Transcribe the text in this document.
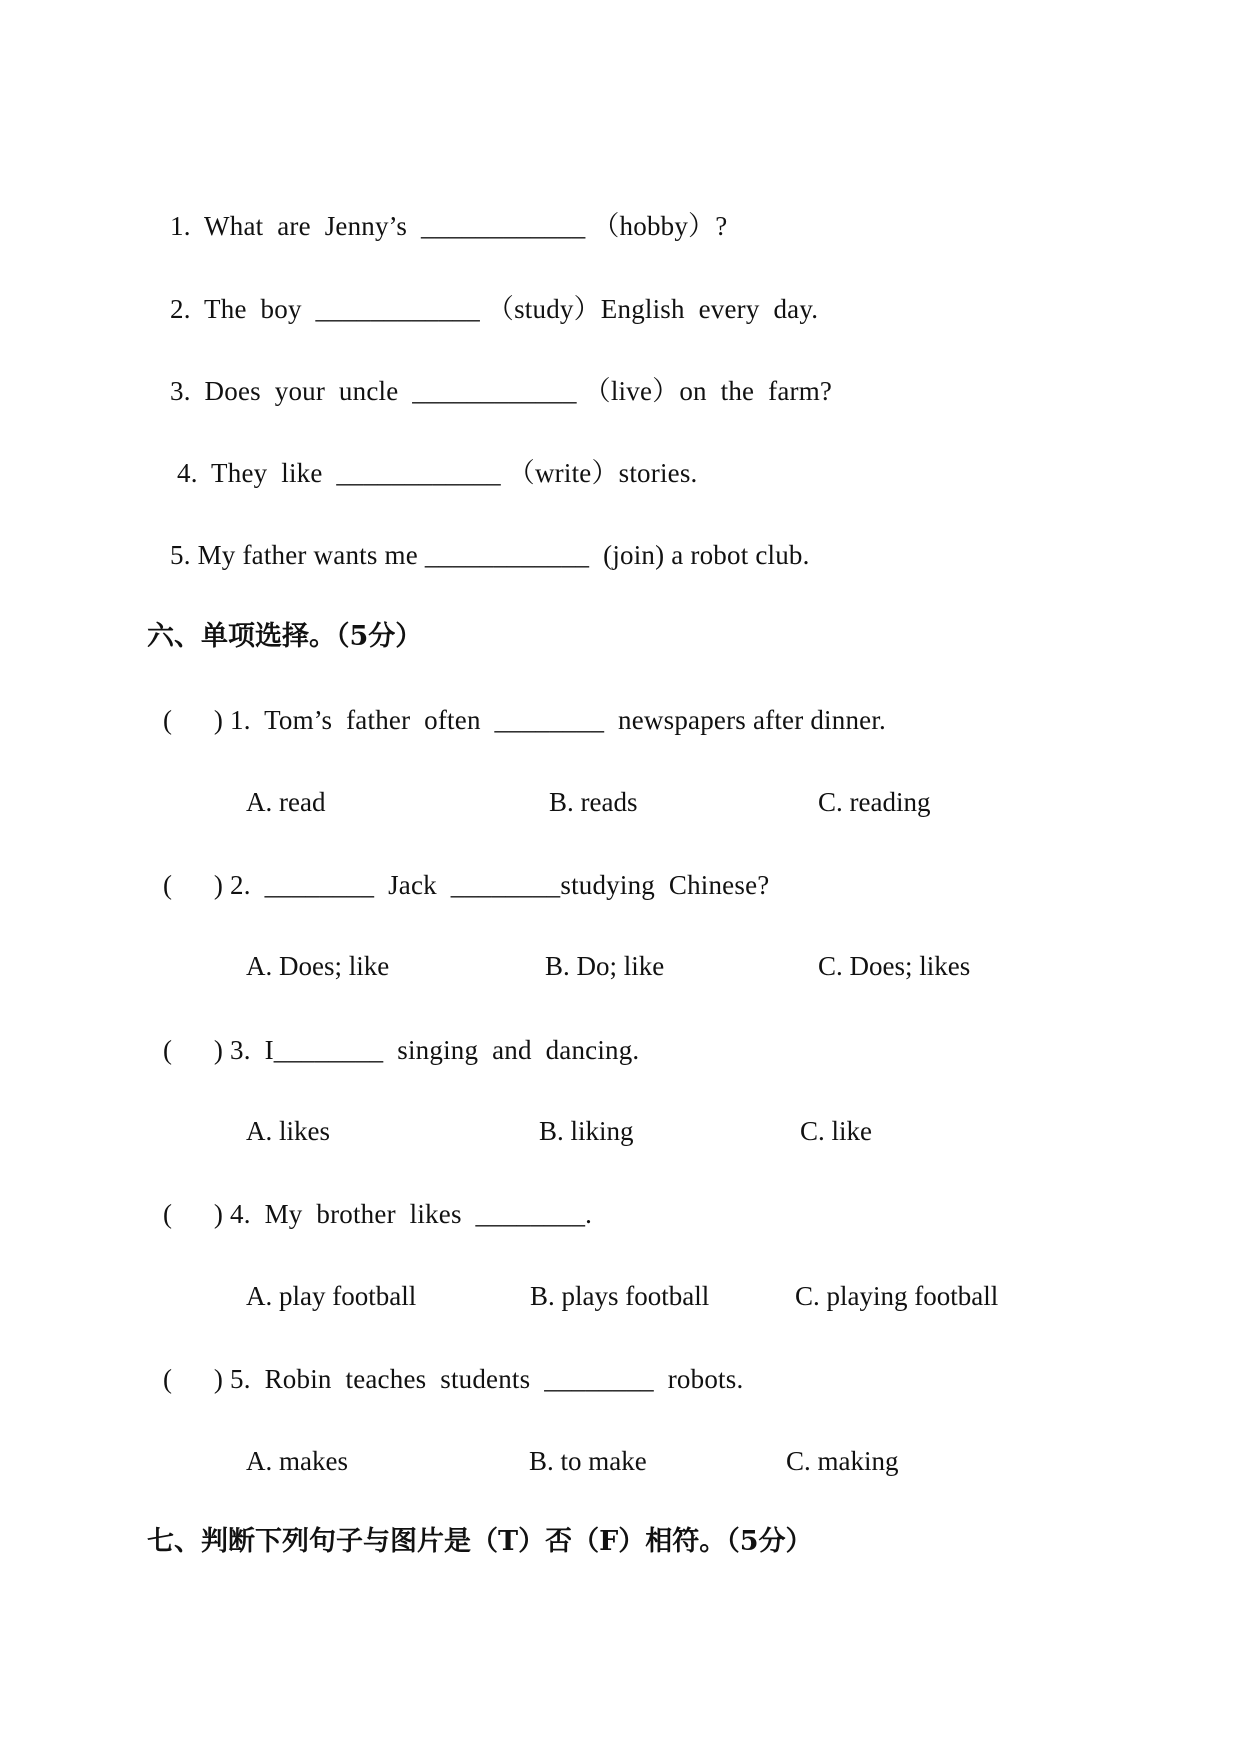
1.  What  are  Jenny’s  ____________ （hobby）?
2.  The  boy  ____________ （study）English  every  day.
3.  Does  your  uncle  ____________ （live）on  the  farm?
4.  They  like  ____________ （write）stories.
5. My father wants me ____________  (join) a robot club.
六、单项选择。（5分）
(      ) 1.  Tom’s  father  often  ________  newspapers after dinner.
A. read	B. reads	C. reading
(      ) 2.  ________  Jack  ________studying  Chinese?
A. Does; like	B. Do; like	C. Does; likes
(      ) 3.  I________  singing  and  dancing.
A. likes	B. liking	C. like
(      ) 4.  My  brother  likes  ________.
A. play football	B. plays football	C. playing football
(      ) 5.  Robin  teaches  students  ________  robots.
A. makes	B. to make	C. making
七、判断下列句子与图片是（T）否（F）相符。（5分）
